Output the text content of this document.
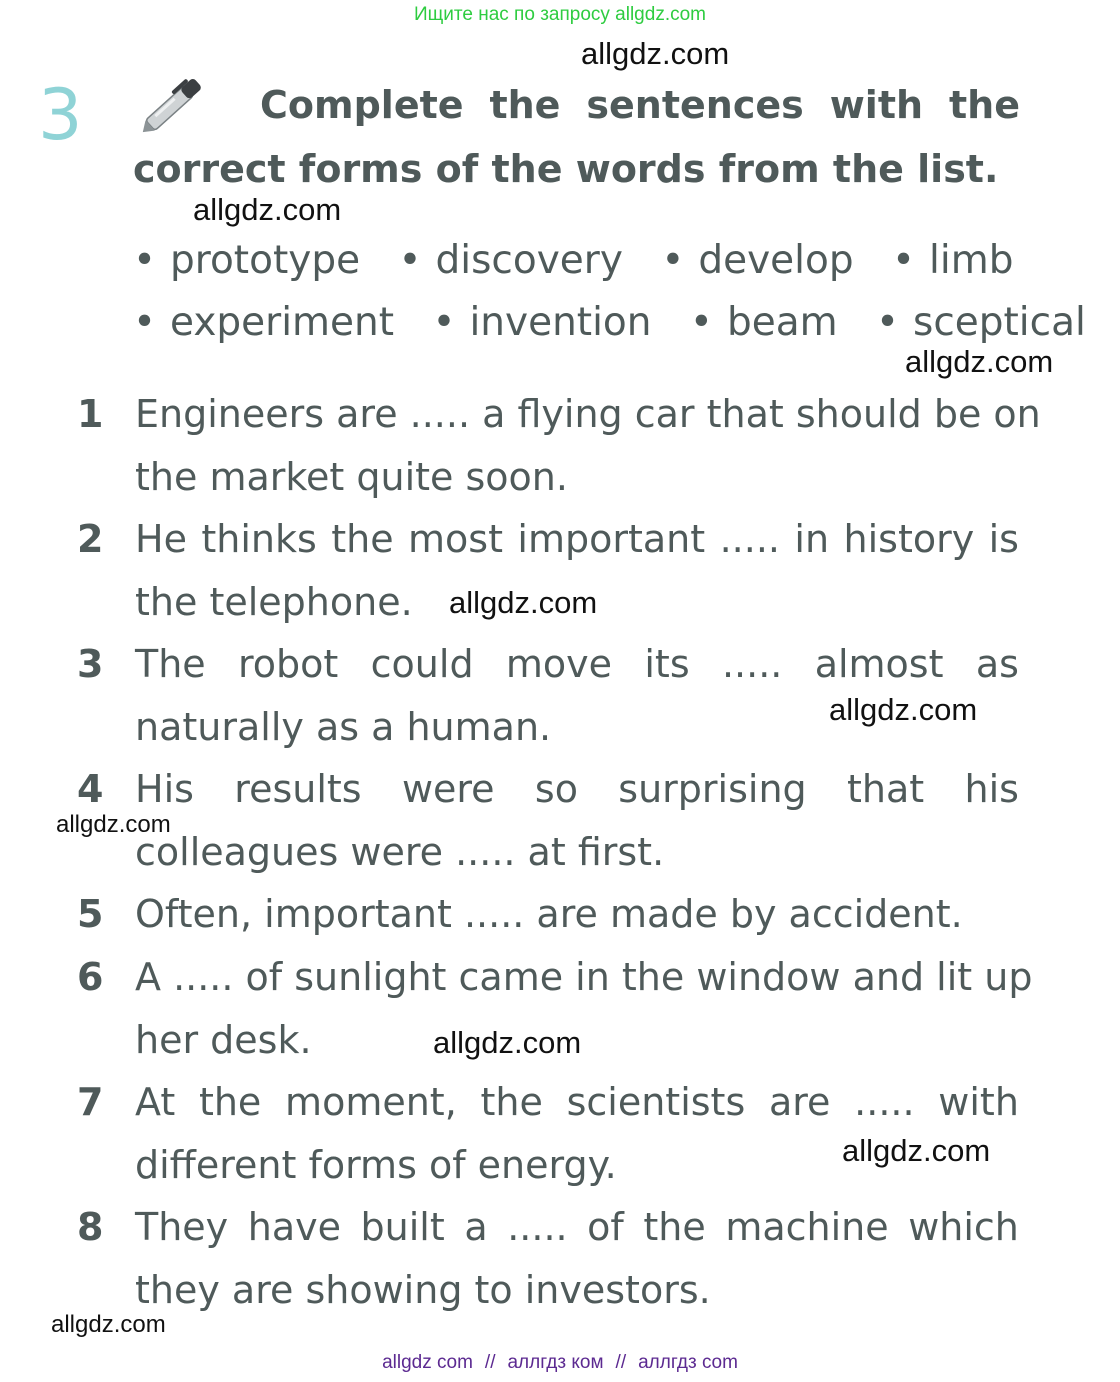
Ищите нас по запросу allgdz.com
allgdz.com
allgdz.com
allgdz.com
allgdz.com
allgdz.com
allgdz.com
allgdz.com
allgdz.com
allgdz.com
3	Complete the sentences with the
correct forms of the words from the list.
• prototype • discovery • develop • limb
• experiment • invention • beam • sceptical
1 Engineers are ..... a flying car that should be on
the market quite soon.
2 He thinks the most important ..... in history is
the telephone.
3 The robot could move its ..... almost as
naturally as a human.
4 His results were so surprising that his
colleagues were ..... at first.
5 Often, important ..... are made by accident.
6 A ..... of sunlight came in the window and lit up
her desk.
7 At the moment, the scientists are ..... with
different forms of energy.
8 They have built a ..... of the machine which
they are showing to investors.
allgdz com // аллгдз ком // аллгдз com
